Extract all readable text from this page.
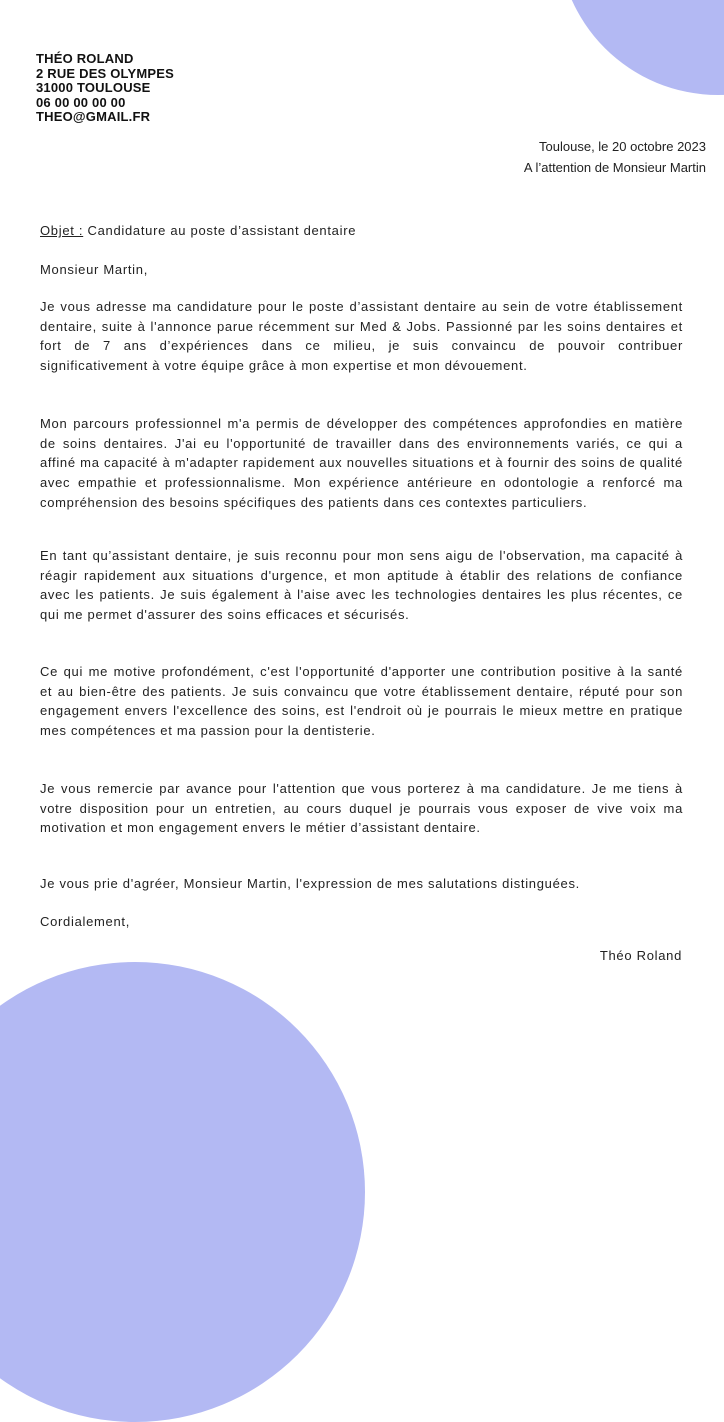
THÉO ROLAND
2 RUE DES OLYMPES
31000 TOULOUSE
06 00 00 00 00
THEO@GMAIL.FR
Toulouse, le 20 octobre 2023
A l’attention de Monsieur Martin
Objet : Candidature au poste d’assistant dentaire
Monsieur Martin,
Je vous adresse ma candidature pour le poste d’assistant dentaire au sein de votre établissement dentaire, suite à l'annonce parue récemment sur Med & Jobs. Passionné par les soins dentaires et fort de 7 ans d’expériences dans ce milieu, je suis convaincu de pouvoir contribuer significativement à votre équipe grâce à mon expertise et mon dévouement.
Mon parcours professionnel m'a permis de développer des compétences approfondies en matière de soins dentaires. J'ai eu l'opportunité de travailler dans des environnements variés, ce qui a affiné ma capacité à m'adapter rapidement aux nouvelles situations et à fournir des soins de qualité avec empathie et professionnalisme. Mon expérience antérieure en odontologie a renforcé ma compréhension des besoins spécifiques des patients dans ces contextes particuliers.
En tant qu’assistant dentaire, je suis reconnu pour mon sens aigu de l'observation, ma capacité à réagir rapidement aux situations d'urgence, et mon aptitude à établir des relations de confiance avec les patients. Je suis également à l'aise avec les technologies dentaires les plus récentes, ce qui me permet d'assurer des soins efficaces et sécurisés.
Ce qui me motive profondément, c'est l'opportunité d'apporter une contribution positive à la santé et au bien-être des patients. Je suis convaincu que votre établissement dentaire, réputé pour son engagement envers l'excellence des soins, est l'endroit où je pourrais le mieux mettre en pratique mes compétences et ma passion pour la dentisterie.
Je vous remercie par avance pour l'attention que vous porterez à ma candidature. Je me tiens à votre disposition pour un entretien, au cours duquel je pourrais vous exposer de vive voix ma motivation et mon engagement envers le métier d’assistant dentaire.
Je vous prie d'agréer, Monsieur Martin, l'expression de mes salutations distinguées.
Cordialement,
Théo Roland
